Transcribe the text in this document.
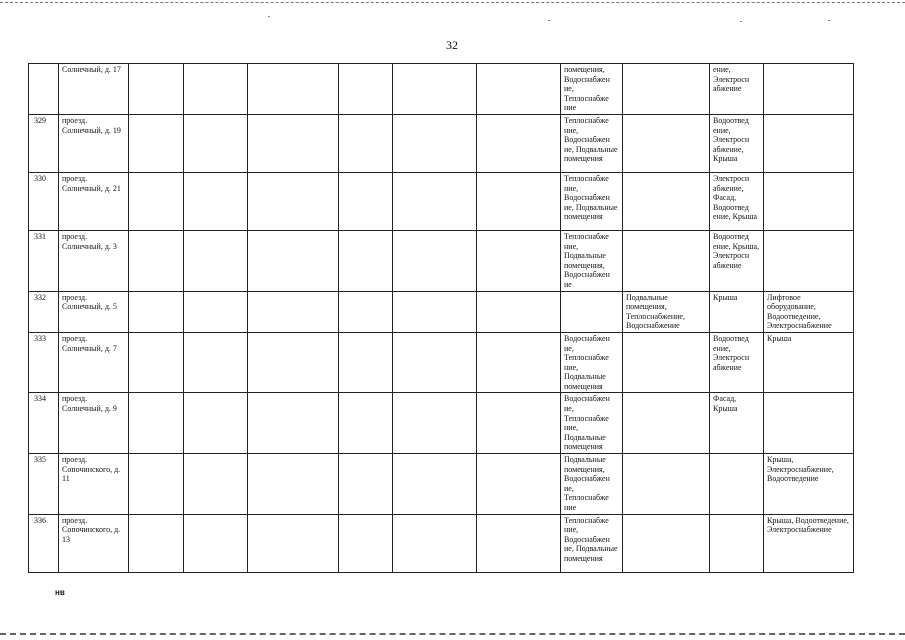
32
	Солнечный, д. 17							помещения, Водоснабжен ие, Теплоснабже ние		ение, Электросн абжение	
329	проезд. Солнечный, д. 19							Теплоснабже ние, Водоснабжен ие, Подвальные помещения		Водоотвед ение, Электросн абжение, Крыша	
330	проезд. Солнечный, д. 21							Теплоснабже ние, Водоснабжен ие, Подвальные помещения		Электросн абжение, Фасад, Водоотвед ение, Крыша	
331	проезд. Солнечный, д. 3							Теплоснабже ние, Подвальные помещения, Водоснабжен ие		Водоотвед ение, Крыша, Электросн абжение	
332	проезд. Солнечный, д. 5								Подвальные помещения, Теплоснабжение, Водоснабжение	Крыша	Лифтовое оборудование, Водоотведение, Электроснабжение
333	проезд. Солнечный, д. 7							Водоснабжен ие, Теплоснабже ние, Подвальные помещения		Водоотвед ение, Электросн абжение	Крыша
334	проезд. Солнечный, д. 9							Водоснабжен ие, Теплоснабже ние, Подвальные помещения		Фасад, Крыша	
335	проезд. Сопочинского, д. 11							Подвальные помещения, Водоснабжен ие, Теплоснабже ние			Крыша, Электроснабжение, Водоотведение
336	проезд. Сопочинского, д. 13							Теплоснабже ние, Водоснабжен ие, Подвальные помещения			Крыша, Водоотведение, Электроснабжение
нв
